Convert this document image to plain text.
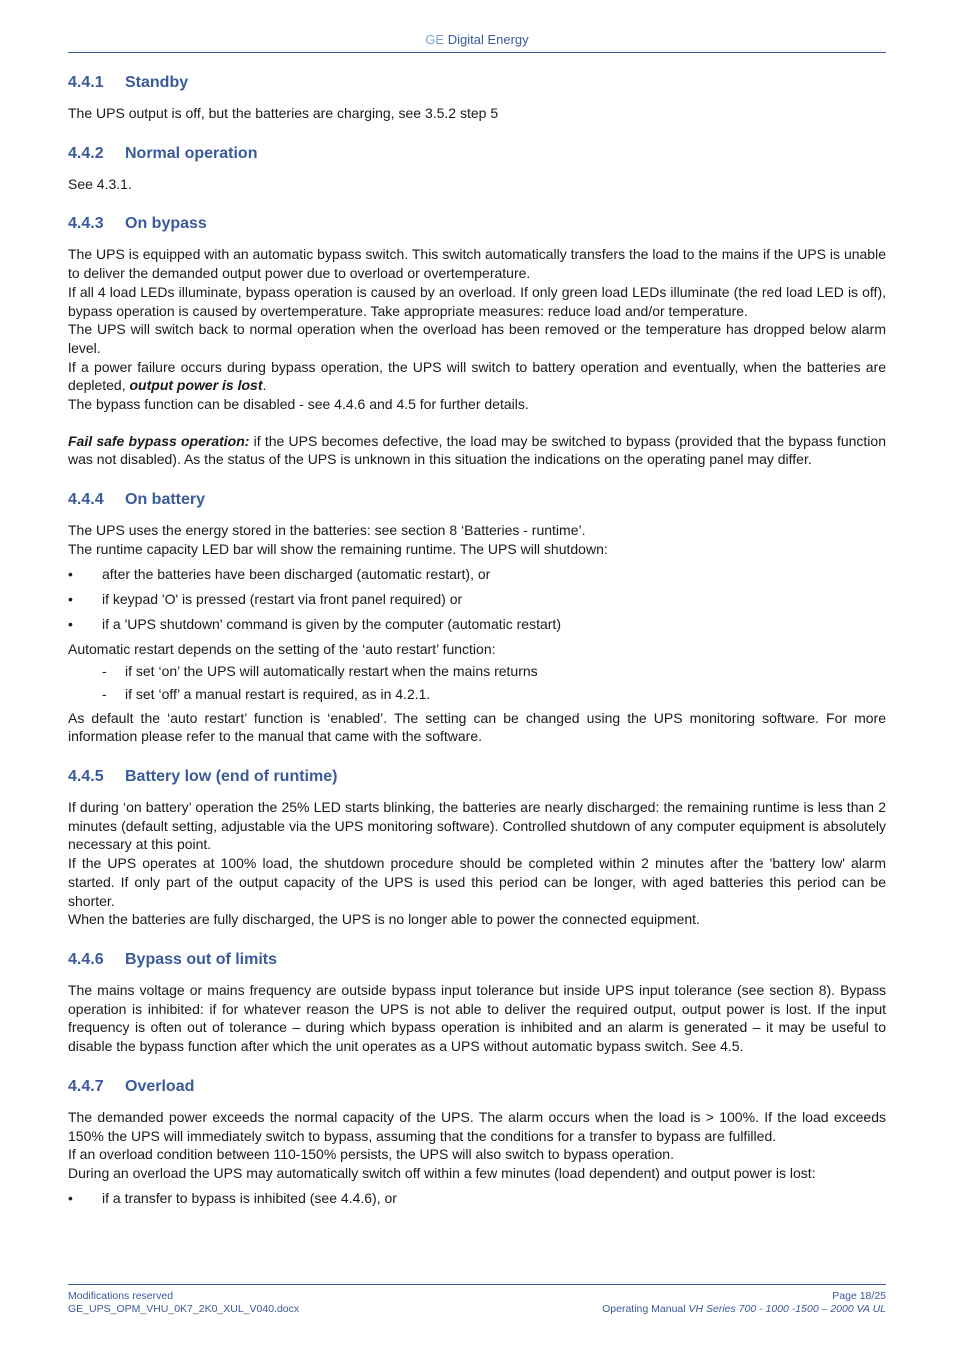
GE Digital Energy
4.4.1 Standby

The UPS output is off, but the batteries are charging, see 3.5.2 step 5

4.4.2 Normal operation

See 4.3.1.

4.4.3 On bypass

The UPS is equipped with an automatic bypass switch. This switch automatically transfers the load to the mains if the UPS is unable to deliver the demanded output power due to overload or overtemperature.

If all 4 load LEDs illuminate, bypass operation is caused by an overload. If only green load LEDs illuminate (the red load LED is off), bypass operation is caused by overtemperature. Take appropriate measures: reduce load and/or temperature.

The UPS will switch back to normal operation when the overload has been removed or the temperature has dropped below alarm level.

If a power failure occurs during bypass operation, the UPS will switch to battery operation and eventually, when the batteries are depleted, output power is lost.

The bypass function can be disabled - see 4.4.6 and 4.5 for further details.

Fail safe bypass operation: if the UPS becomes defective, the load may be switched to bypass (provided that the bypass function was not disabled). As the status of the UPS is unknown in this situation the indications on the operating panel may differ.

4.4.4 On battery

The UPS uses the energy stored in the batteries: see section 8 ‘Batteries - runtime’.

The runtime capacity LED bar will show the remaining runtime. The UPS will shutdown:

• after the batteries have been discharged (automatic restart), or
• if keypad 'O' is pressed (restart via front panel required) or
• if a 'UPS shutdown' command is given by the computer (automatic restart)

Automatic restart depends on the setting of the ‘auto restart’ function:

- if set ‘on’ the UPS will automatically restart when the mains returns
- if set ‘off’ a manual restart is required, as in 4.2.1.

As default the ‘auto restart’ function is ‘enabled’. The setting can be changed using the UPS monitoring software. For more information please refer to the manual that came with the software.

4.4.5 Battery low (end of runtime)

If during ‘on battery’ operation the 25% LED starts blinking, the batteries are nearly discharged: the remaining runtime is less than 2 minutes (default setting, adjustable via the UPS monitoring software). Controlled shutdown of any computer equipment is absolutely necessary at this point.

If the UPS operates at 100% load, the shutdown procedure should be completed within 2 minutes after the 'battery low' alarm started. If only part of the output capacity of the UPS is used this period can be longer, with aged batteries this period can be shorter.

When the batteries are fully discharged, the UPS is no longer able to power the connected equipment.

4.4.6 Bypass out of limits

The mains voltage or mains frequency are outside bypass input tolerance but inside UPS input tolerance (see section 8). Bypass operation is inhibited: if for whatever reason the UPS is not able to deliver the required output, output power is lost. If the input frequency is often out of tolerance – during which bypass operation is inhibited and an alarm is generated – it may be useful to disable the bypass function after which the unit operates as a UPS without automatic bypass switch. See 4.5.

4.4.7 Overload

The demanded power exceeds the normal capacity of the UPS. The alarm occurs when the load is > 100%. If the load exceeds 150% the UPS will immediately switch to bypass, assuming that the conditions for a transfer to bypass are fulfilled.

If an overload condition between 110-150% persists, the UPS will also switch to bypass operation.

During an overload the UPS may automatically switch off within a few minutes (load dependent) and output power is lost:

• if a transfer to bypass is inhibited (see 4.4.6), or
Modifications reserved
GE_UPS_OPM_VHU_0K7_2K0_XUL_V040.docx
Page 18/25
Operating Manual VH Series 700 - 1000 -1500 – 2000 VA UL
